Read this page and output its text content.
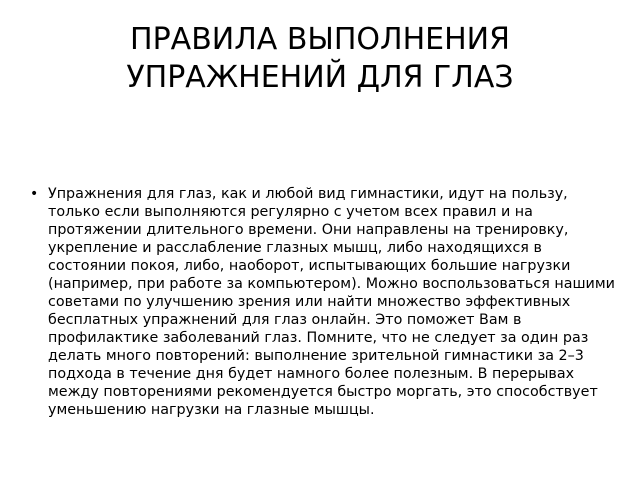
ПРАВИЛА ВЫПОЛНЕНИЯ УПРАЖНЕНИЙ ДЛЯ ГЛАЗ
• Упражнения для глаз, как и любой вид гимнастики, идут на пользу, только если выполняются регулярно с учетом всех правил и на протяжении длительного времени. Они направлены на тренировку, укрепление и расслабление глазных мышц, либо находящихся в состоянии покоя, либо, наоборот, испытывающих большие нагрузки (например, при работе за компьютером). Можно воспользоваться нашими советами по улучшению зрения или найти множество эффективных бесплатных упражнений для глаз онлайн. Это поможет Вам в профилактике заболеваний глаз. Помните, что не следует за один раз делать много повторений: выполнение зрительной гимнастики за 2–3 подхода в течение дня будет намного более полезным. В перерывах между повторениями рекомендуется быстро моргать, это способствует уменьшению нагрузки на глазные мышцы.
